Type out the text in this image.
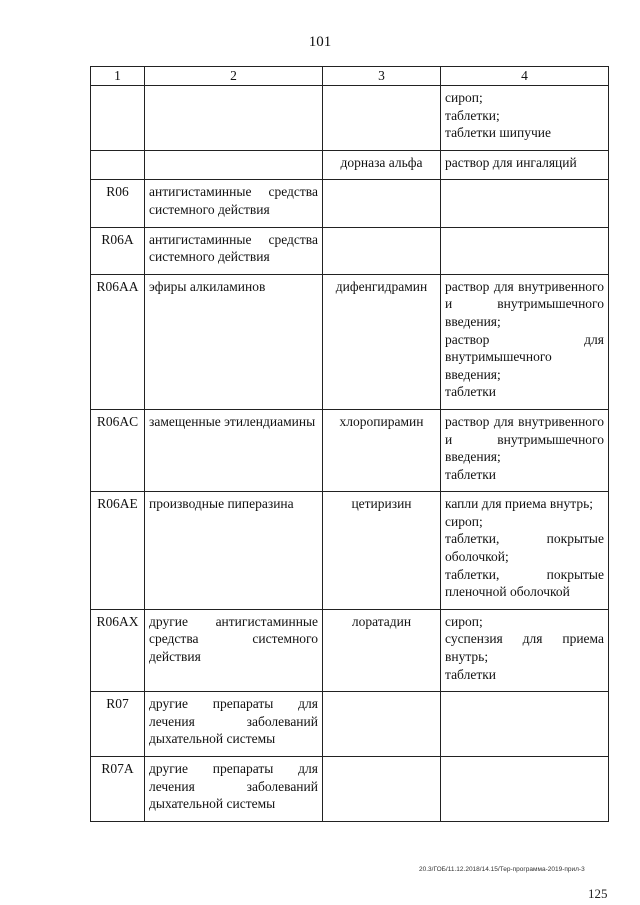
101
1	2	3	4

			сироп;
таблетки;
таблетки шипучие

		дорназа альфа	раствор для ингаляций

R06	антигистаминные средства системного действия		
R06A	антигистаминные средства системного действия		
R06AA	эфиры алкиламинов	дифенгидрамин	раствор для внутривенного и внутримышечного введения;
раствор для внутримышечного введения;
таблетки

R06AC	замещенные этилендиамины	хлоропирамин	раствор для внутривенного и внутримышечного введения;
таблетки

R06AE	производные пиперазина	цетиризин	капли для приема внутрь;
сироп;
таблетки, покрытые оболочкой;
таблетки, покрытые пленочной оболочкой

R06AX	другие антигистаминные средства системного действия	лоратадин	сироп;
суспензия для приема внутрь;
таблетки

R07	другие препараты для лечения заболеваний дыхательной системы		
R07A	другие препараты для лечения заболеваний дыхательной системы		
20.3/ГОБ/11.12.2018/14.15/Тер-программа-2019-прил-3
125
